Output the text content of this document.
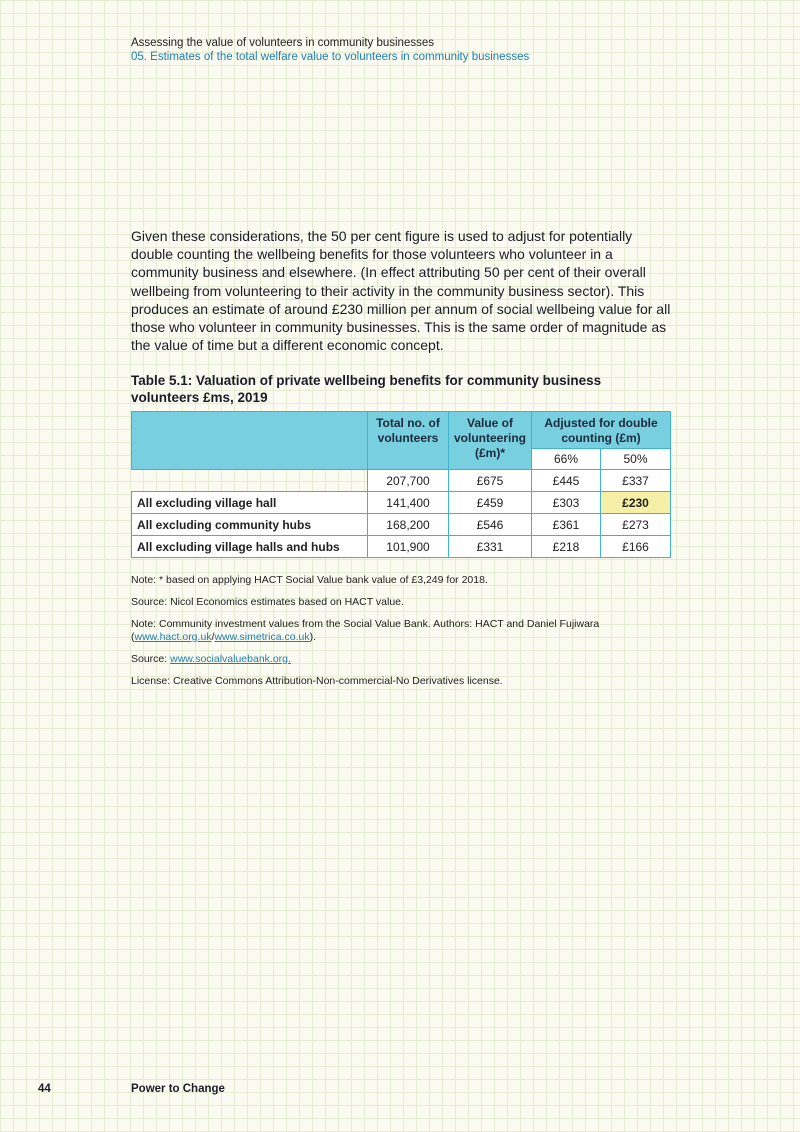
Assessing the value of volunteers in community businesses
05. Estimates of the total welfare value to volunteers in community businesses

Given these considerations, the 50 per cent figure is used to adjust for potentially double counting the wellbeing benefits for those volunteers who volunteer in a community business and elsewhere. (In effect attributing 50 per cent of their overall wellbeing from volunteering to their activity in the community business sector). This produces an estimate of around £230 million per annum of social wellbeing value for all those who volunteer in community businesses. This is the same order of magnitude as the value of time but a different economic concept.

Table 5.1: Valuation of private wellbeing benefits for community business volunteers £ms, 2019

	Total no. of volunteers	Value of volunteering (£m)*	Adjusted for double counting (£m)	
			66%	50%
	207,700	£675	£445	£337
All excluding village hall	141,400	£459	£303	£230
All excluding community hubs	168,200	£546	£361	£273
All excluding village halls and hubs	101,900	£331	£218	£166

Note: * based on applying HACT Social Value bank value of £3,249 for 2018.

Source: Nicol Economics estimates based on HACT value.

Note: Community investment values from the Social Value Bank. Authors: HACT and Daniel Fujiwara (www.hact.org.uk/www.simetrica.co.uk).

Source: www.socialvaluebank.org.

License: Creative Commons Attribution-Non-commercial-No Derivatives license.

44	Power to Change
